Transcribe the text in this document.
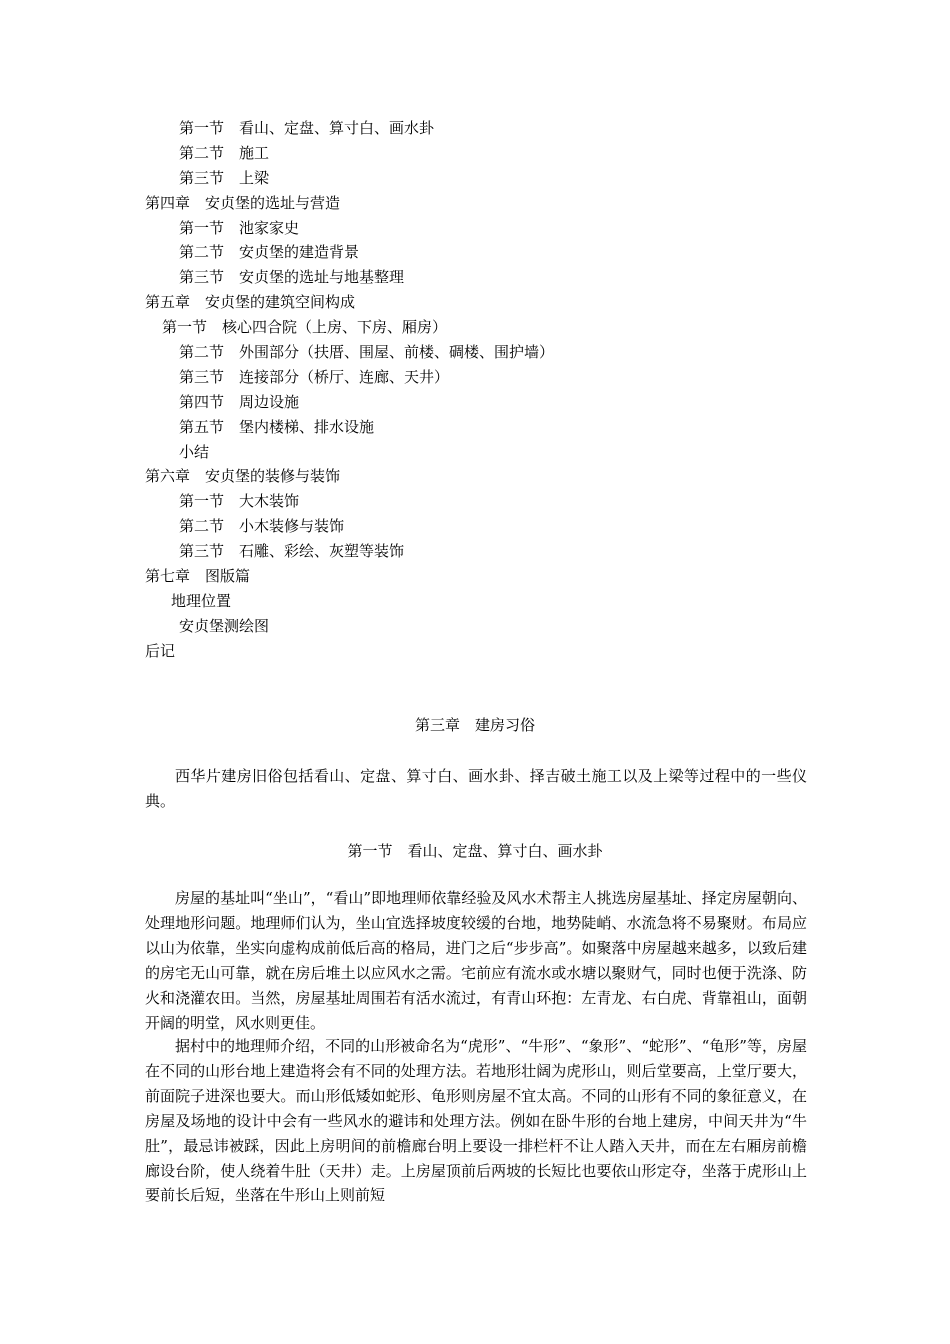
第一节 看山、定盘、算寸白、画水卦
第二节 施工
第三节 上梁
第四章 安贞堡的选址与营造
第一节 池家家史
第二节 安贞堡的建造背景
第三节 安贞堡的选址与地基整理
第五章 安贞堡的建筑空间构成
第一节 核心四合院（上房、下房、厢房）
第二节 外围部分（扶厝、围屋、前楼、碉楼、围护墙）
第三节 连接部分（桥厅、连廊、天井）
第四节 周边设施
第五节 堡内楼梯、排水设施
小结
第六章 安贞堡的装修与装饰
第一节 大木装饰
第二节 小木装修与装饰
第三节 石雕、彩绘、灰塑等装饰
第七章 图版篇
地理位置
安贞堡测绘图
后记
第三章 建房习俗

西华片建房旧俗包括看山、定盘、算寸白、画水卦、择吉破土施工以及上梁等过程中的一些仪典。

第一节 看山、定盘、算寸白、画水卦

房屋的基址叫“坐山”，“看山”即地理师依靠经验及风水术帮主人挑选房屋基址、择定房屋朝向、处理地形问题。地理师们认为，坐山宜选择坡度较缓的台地，地势陡峭、水流急将不易聚财。布局应以山为依靠，坐实向虚构成前低后高的格局，进门之后“步步高”。如聚落中房屋越来越多，以致后建的房宅无山可靠，就在房后堆土以应风水之需。宅前应有流水或水塘以聚财气，同时也便于洗涤、防火和浇灌农田。当然，房屋基址周围若有活水流过，有青山环抱：左青龙、右白虎、背靠祖山，面朝开阔的明堂，风水则更佳。

据村中的地理师介绍，不同的山形被命名为“虎形”、“牛形”、“象形”、“蛇形”、“龟形”等，房屋在不同的山形台地上建造将会有不同的处理方法。若地形壮阔为虎形山，则后堂要高，上堂厅要大，前面院子进深也要大。而山形低矮如蛇形、龟形则房屋不宜太高。不同的山形有不同的象征意义，在房屋及场地的设计中会有一些风水的避讳和处理方法。例如在卧牛形的台地上建房，中间天井为“牛肚”，最忌讳被踩，因此上房明间的前檐廊台明上要设一排栏杆不让人踏入天井，而在左右厢房前檐廊设台阶，使人绕着牛肚（天井）走。上房屋顶前后两坡的长短比也要依山形定夺，坐落于虎形山上要前长后短，坐落在牛形山上则前短
